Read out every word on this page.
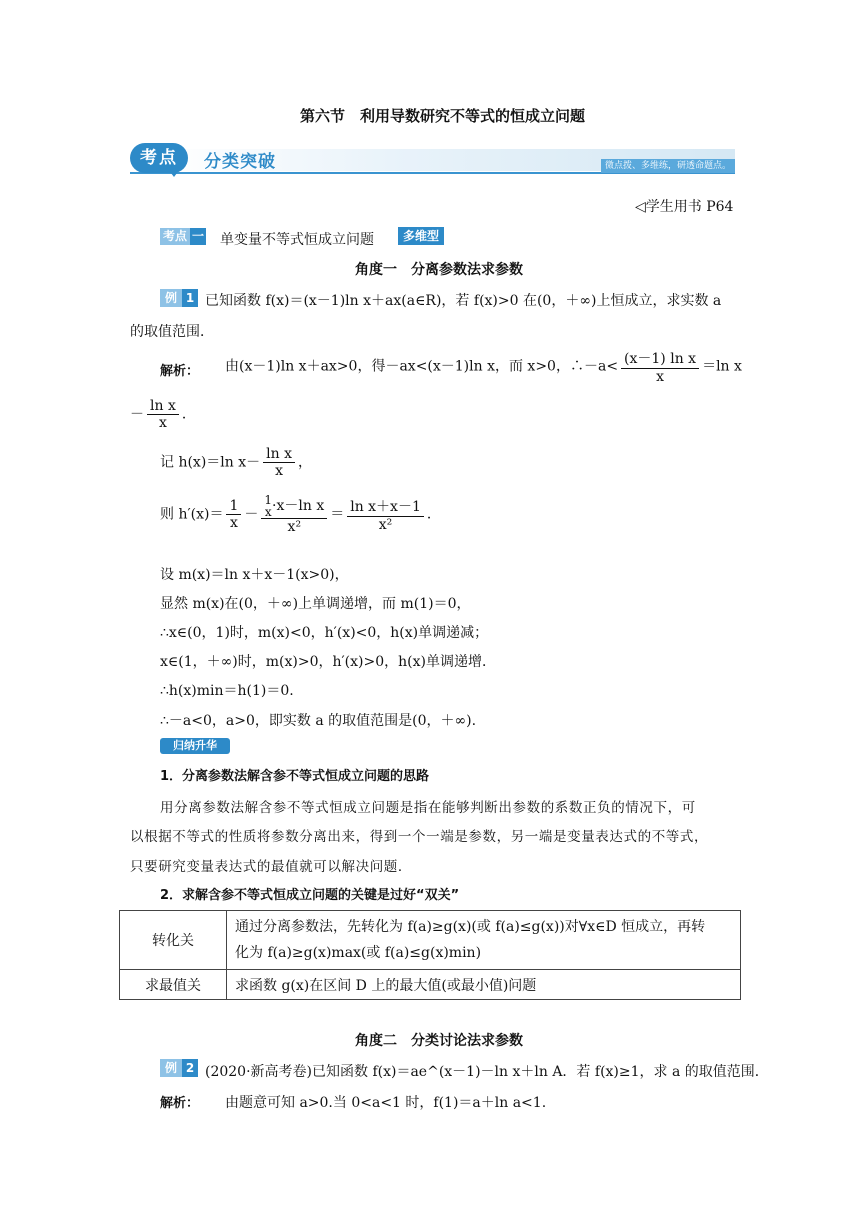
第六节　利用导数研究不等式的恒成立问题
考点	分类突破	微点拨、多维练，研透命题点。
◁学生用书 P64
考点 一 单变量不等式恒成立问题	多维型
角度一　分离参数法求参数
例 1 已知函数 f(x)＝(x－1)ln x＋ax(a∈R)，若 f(x)>0 在(0，＋∞)上恒成立，求实数 a
的取值范围．
解析： 由(x－1)ln x＋ax>0，得－ax<(x－1)ln x，而 x>0，∴－a< $\frac{\text{(x－1) ln x}}{x} =\ln$ x
－ $\frac{\text{ln x}}{x}$ ．
记 h(x)＝ln $x- \frac{\text{ln x}}{x}$ ，
则 $h'(x)= \frac{1}{x} - 1$
x ·x－ln x
$x^2 = \frac{\text{ln x＋x－1}}{\text{x²}}$ ．
设 m(x)＝ln x＋x－1(x>0)，
显然 m(x)在(0，＋∞)上单调递增，而 m(1)＝0，
∴x∈(0，1)时，m(x)<0，h′(x)<0，h(x)单调递减；
x∈(1，＋∞)时，m(x)>0，h′(x)>0，h(x)单调递增．
∴h(x)min＝h(1)＝0.
∴－a<0，a>0，即实数 a 的取值范围是(0，＋∞).
归纳升华
1．分离参数法解含参不等式恒成立问题的思路
用分离参数法解含参不等式恒成立问题是指在能够判断出参数的系数正负的情况下，可
以根据不等式的性质将参数分离出来，得到一个一端是参数，另一端是变量表达式的不等式，
只要研究变量表达式的最值就可以解决问题．
2．求解含参不等式恒成立问题的关键是过好“双关”
转化关	通过分离参数法，先转化为 f(a)≥g(x)(或 f(a)≤g(x))对∀x∈D 恒成立，再转
化为 f(a)≥g(x)max(或 f(a)≤g(x)min)

求最值关	求函数 g(x)在区间 D 上的最大值(或最小值)问题
角度二　分类讨论法求参数
例 2 (2020·新高考卷)已知函数 f(x)＝ae^(x－1)－ln x＋ln A．若 f(x)≥1，求 a 的取值范围．
解析： 由题意可知 a>0.当 0<a<1 时，f(1)＝a＋ln a<1.
